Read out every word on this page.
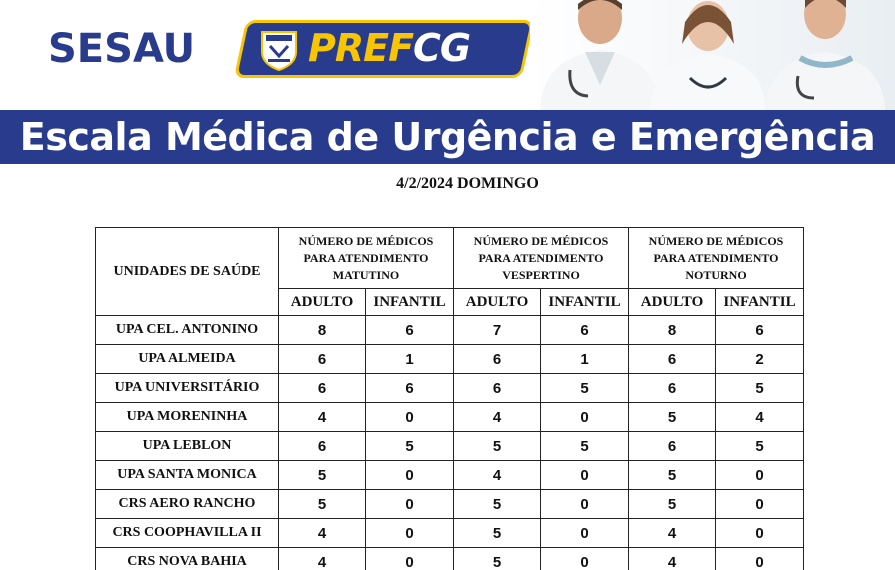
SESAU	PREFCG
Escala Médica de Urgência e Emergência
4/2/2024 DOMINGO
UNIDADES DE SAÚDE	NÚMERO DE MÉDICOS PARA ATENDIMENTO MATUTINO		NÚMERO DE MÉDICOS PARA ATENDIMENTO VESPERTINO		NÚMERO DE MÉDICOS PARA ATENDIMENTO NOTURNO	
	ADULTO	INFANTIL	ADULTO	INFANTIL	ADULTO	INFANTIL
UPA CEL. ANTONINO	8	6	7	6	8	6
UPA ALMEIDA	6	1	6	1	6	2
UPA UNIVERSITÁRIO	6	6	6	5	6	5
UPA MORENINHA	4	0	4	0	5	4
UPA LEBLON	6	5	5	5	6	5
UPA SANTA MONICA	5	0	4	0	5	0
CRS AERO RANCHO	5	0	5	0	5	0
CRS COOPHAVILLA II	4	0	5	0	4	0
CRS NOVA BAHIA	4	0	5	0	4	0
